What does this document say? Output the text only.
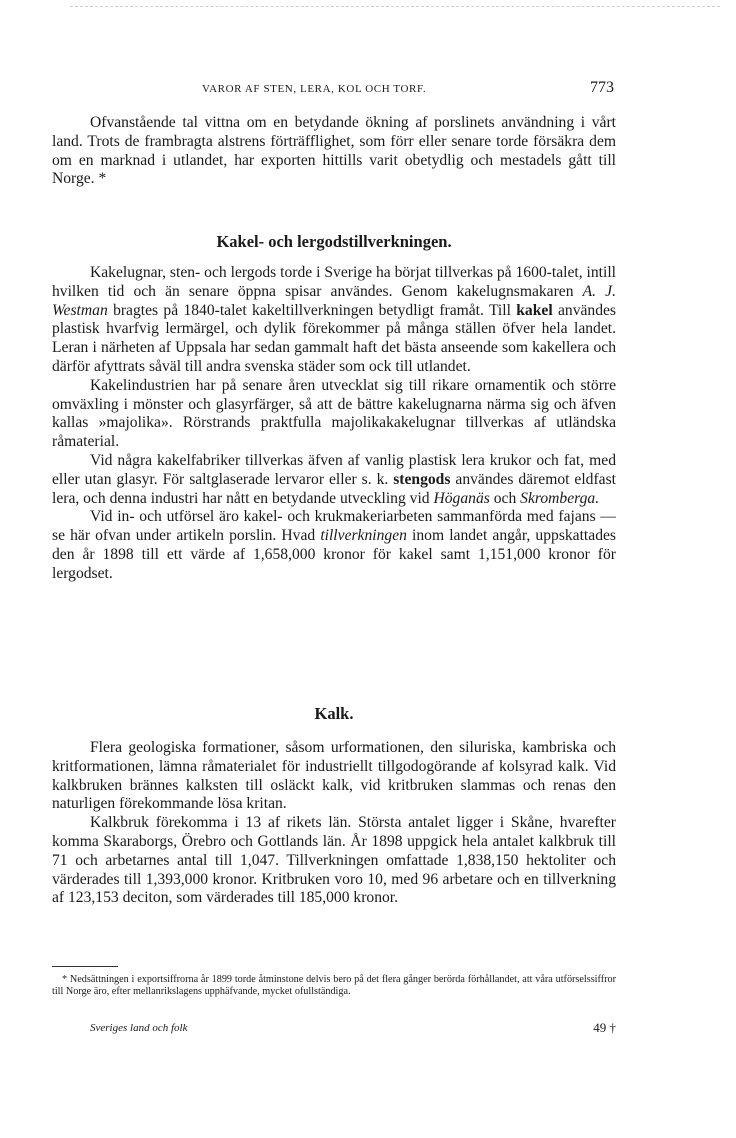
VAROR AF STEN, LERA, KOL OCH TORF.	773

Ofvanstående tal vittna om en betydande ökning af porslinets användning i vårt land. Trots de frambragta alstrens förträfflighet, som förr eller senare torde försäkra dem om en marknad i utlandet, har exporten hittills varit obetydlig och mestadels gått till Norge. *

Kakel- och lergodstillverkningen.

Kakelugnar, sten- och lergods torde i Sverige ha börjat tillverkas på 1600-talet, intill hvilken tid och än senare öppna spisar användes. Genom kakelugnsmakaren A. J. Westman bragtes på 1840-talet kakeltillverkningen betydligt framåt. Till kakel användes plastisk hvarfvig lermärgel, och dylik förekommer på många ställen öfver hela landet. Leran i närheten af Uppsala har sedan gammalt haft det bästa anseende som kakellera och därför afyttrats såväl till andra svenska städer som ock till utlandet.

Kakelindustrien har på senare åren utvecklat sig till rikare ornamentik och större omväxling i mönster och glasyrfärger, så att de bättre kakelugnarna närma sig och äfven kallas »majolika». Rörstrands praktfulla majolikakakelugnar tillverkas af utländska råmaterial.

Vid några kakelfabriker tillverkas äfven af vanlig plastisk lera krukor och fat, med eller utan glasyr. För saltglaserade lervaror eller s. k. stengods användes däremot eldfast lera, och denna industri har nått en betydande utveckling vid Höganäs och Skromberga.

Vid in- och utförsel äro kakel- och krukmakeriarbeten sammanförda med fajans — se här ofvan under artikeln porslin. Hvad tillverkningen inom landet angår, uppskattades den år 1898 till ett värde af 1,658,000 kronor för kakel samt 1,151,000 kronor för lergodset.

Kalk.

Flera geologiska formationer, såsom urformationen, den siluriska, kambriska och kritformationen, lämna råmaterialet för industriellt tillgodogörande af kolsyrad kalk. Vid kalkbruken brännes kalksten till osläckt kalk, vid kritbruken slammas och renas den naturligen förekommande lösa kritan.

Kalkbruk förekomma i 13 af rikets län. Största antalet ligger i Skåne, hvarefter komma Skaraborgs, Örebro och Gottlands län. År 1898 uppgick hela antalet kalkbruk till 71 och arbetarnes antal till 1,047. Tillverkningen omfattade 1,838,150 hektoliter och värderades till 1,393,000 kronor. Kritbruken voro 10, med 96 arbetare och en tillverkning af 123,153 deciton, som värderades till 185,000 kronor.

* Nedsättningen i exportsiffrorna år 1899 torde åtminstone delvis bero på det flera gånger berörda förhållandet, att våra utförselssiffror till Norge äro, efter mellanrikslagens upphäfvande, mycket ofullständiga.
Sveriges land och folk	49 †
